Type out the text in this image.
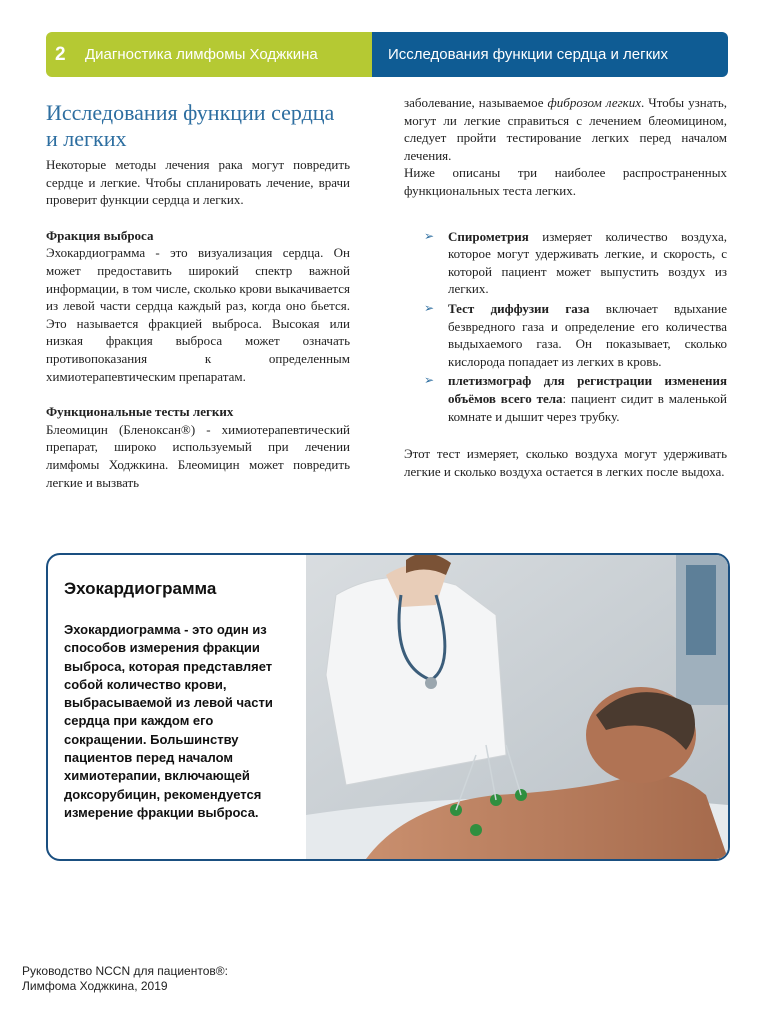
2	Диагностика лимфомы Ходжкина	Исследования функции сердца и легких
Исследования функции сердца и легких

Некоторые методы лечения рака могут повредить сердце и легкие. Чтобы спланировать лечение, врачи проверит функции сердца и легких.

Фракция выброса

Эхокардиограмма - это визуализация сердца. Он может предоставить широкий спектр важной информации, в том числе, сколько крови выкачивается из левой части сердца каждый раз, когда оно бьется. Это называется фракцией выброса. Высокая или низкая фракция выброса может означать противопоказания к определенным химиотерапевтическим препаратам.

Функциональные тесты легких

Блеомицин (Бленоксан®) - химиотерапевтический препарат, широко используемый при лечении лимфомы Ходжкина. Блеомицин может повредить легкие и вызвать

заболевание, называемое фиброзом легких. Чтобы узнать, могут ли легкие справиться с лечением блеомицином, следует пройти тестирование легких перед началом лечения.

Ниже описаны три наиболее распространенных функциональных теста легких.

➢ Спирометрия измеряет количество воздуха, которое могут удерживать легкие, и скорость, с которой пациент может выпустить воздух из легких.
➢ Тест диффузии газа включает вдыхание безвредного газа и определение его количества выдыхаемого газа. Он показывает, сколько кислорода попадает из легких в кровь.
➢ плетизмограф для регистрации изменения объёмов всего тела: пациент сидит в маленькой комнате и дышит через трубку.

Этот тест измеряет, сколько воздуха могут удерживать легкие и сколько воздуха остается в легких после выдоха.

Эхокардиограмма
Эхокардиограмма - это один из способов измерения фракции выброса, которая представляет собой количество крови, выбрасываемой из левой части сердца при каждом его сокращении. Большинству пациентов перед началом химиотерапии, включающей доксорубицин, рекомендуется измерение фракции выброса.
Руководство NCCN для пациентов®:
Лимфома Ходжкина, 2019
